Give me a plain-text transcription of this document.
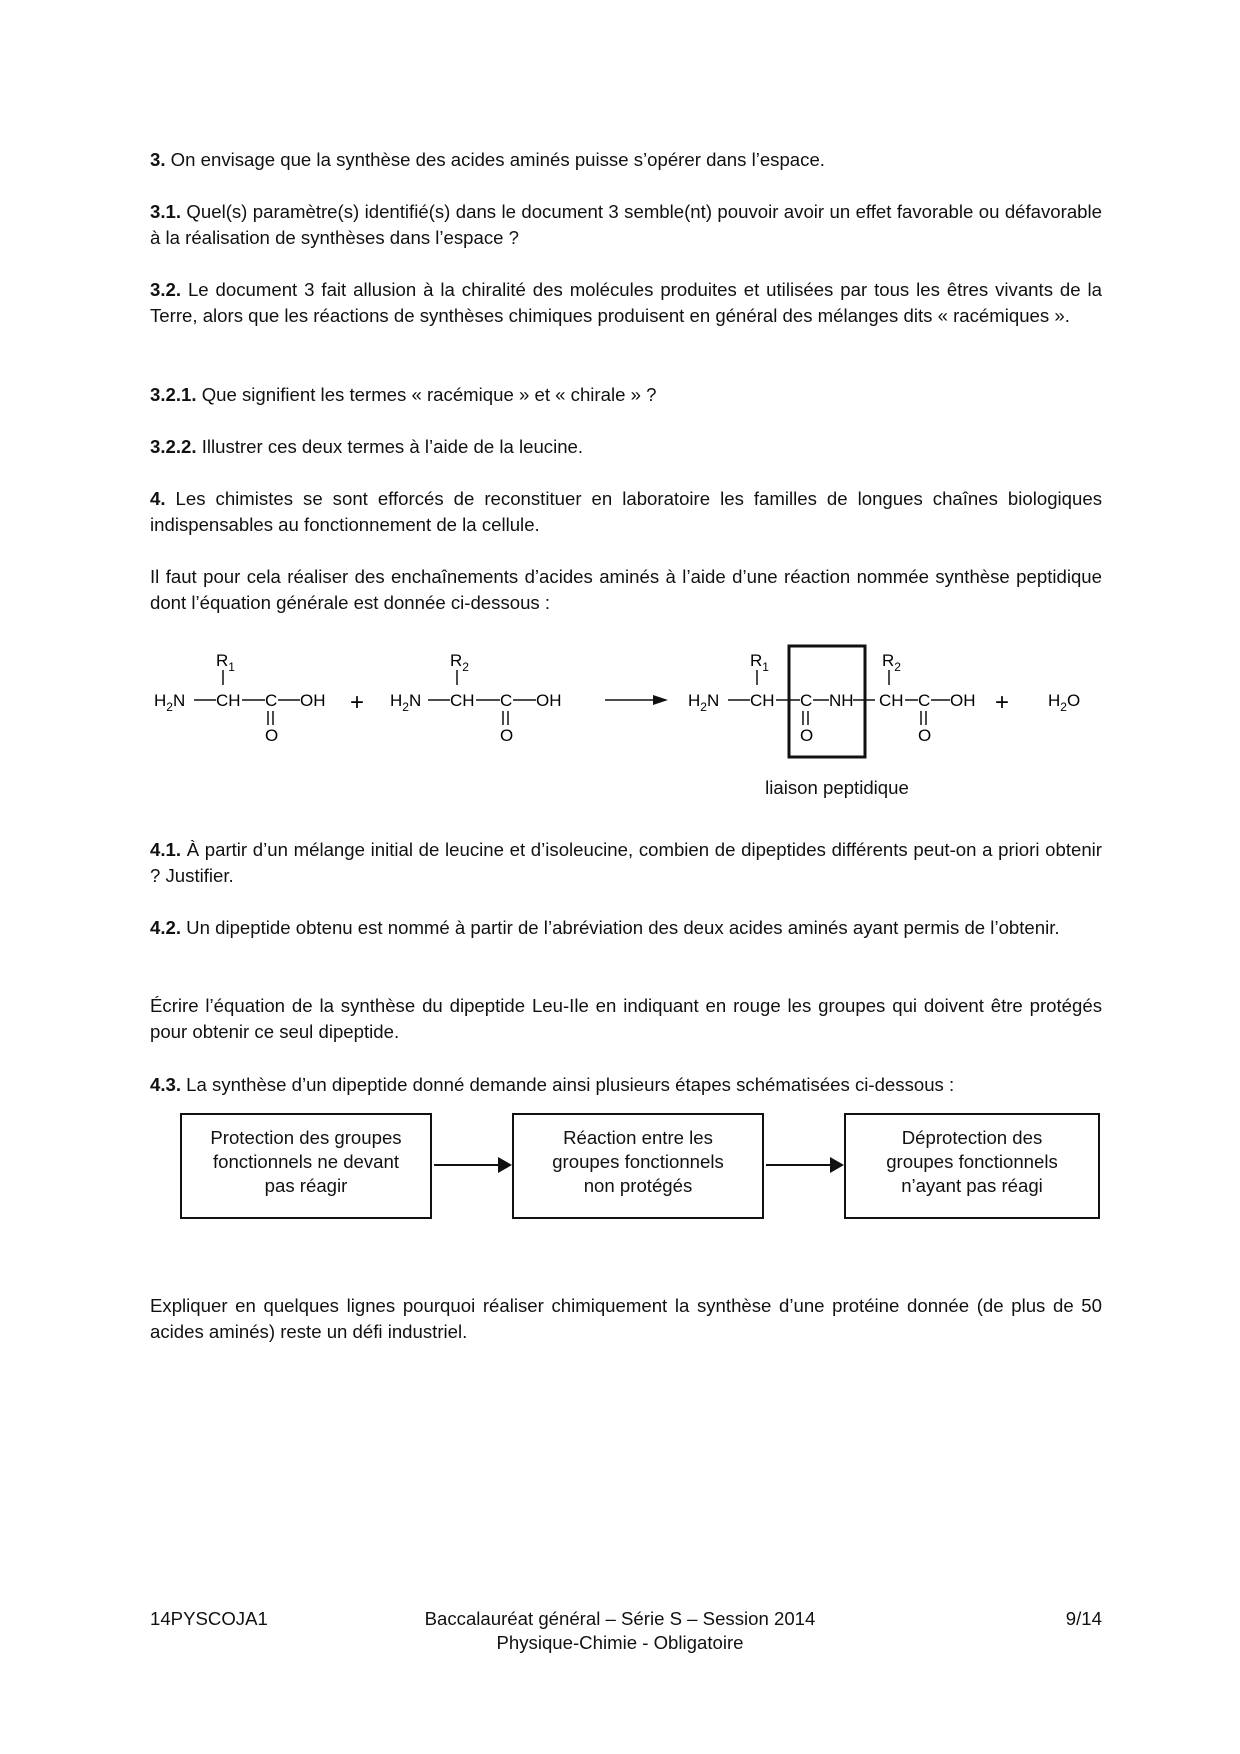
3. On envisage que la synthèse des acides aminés puisse s’opérer dans l’espace.

3.1. Quel(s) paramètre(s) identifié(s) dans le document 3 semble(nt) pouvoir avoir un effet favorable ou défavorable à la réalisation de synthèses dans l’espace ?

3.2. Le document 3 fait allusion à la chiralité des molécules produites et utilisées par tous les êtres vivants de la Terre, alors que les réactions de synthèses chimiques produisent en général des mélanges dits « racémiques ».

3.2.1. Que signifient les termes « racémique » et « chirale » ?

3.2.2. Illustrer ces deux termes à l’aide de la leucine.

4. Les chimistes se sont efforcés de reconstituer en laboratoire les familles de longues chaînes biologiques indispensables au fonctionnement de la cellule.

Il faut pour cela réaliser des enchaînements d’acides aminés à l’aide d’une réaction nommée synthèse peptidique dont l’équation générale est donnée ci-dessous :

$R_1$
$H_2N$ CH C OH
O
+
$R_2$
$H_2N$ CH C OH
O
$R_1$
$H_2N$ CH C NH
O
$R_2$
CH C OH
O
+ $H_2O$
liaison peptidique

4.1. À partir d’un mélange initial de leucine et d’isoleucine, combien de dipeptides différents peut-on a priori obtenir ? Justifier.

4.2. Un dipeptide obtenu est nommé à partir de l’abréviation des deux acides aminés ayant permis de l’obtenir.

Écrire l’équation de la synthèse du dipeptide Leu-Ile en indiquant en rouge les groupes qui doivent être protégés pour obtenir ce seul dipeptide.

4.3. La synthèse d’un dipeptide donné demande ainsi plusieurs étapes schématisées ci-dessous :

Protection des groupes
fonctionnels ne devant
pas réagir
Réaction entre les
groupes fonctionnels
non protégés
Déprotection des
groupes fonctionnels
n’ayant pas réagi

Expliquer en quelques lignes pourquoi réaliser chimiquement la synthèse d’une protéine donnée (de plus de 50 acides aminés) reste un défi industriel.

14PYSCOJA1	Baccalauréat général – Série S – Session 2014
Physique-Chimie - Obligatoire
9/14
